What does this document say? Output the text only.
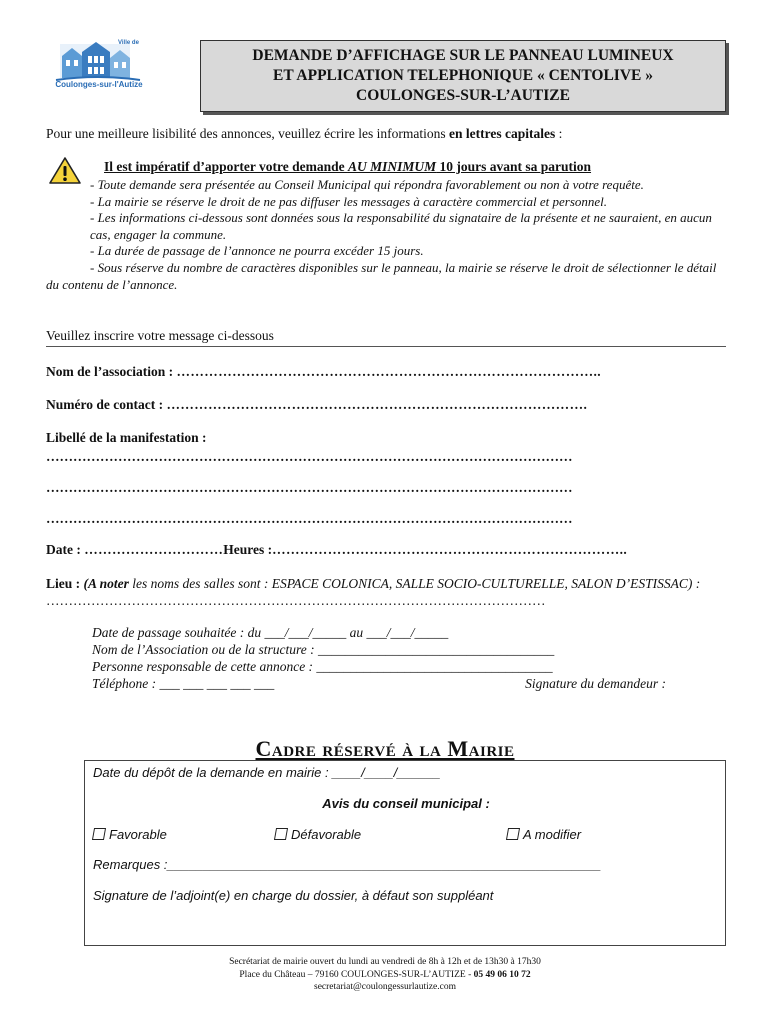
Ville de
Coulonges-sur-l'Autize
DEMANDE D’AFFICHAGE SUR LE PANNEAU LUMINEUX
ET APPLICATION TELEPHONIQUE « CENTOLIVE »
COULONGES-SUR-L’AUTIZE
Pour une meilleure lisibilité des annonces, veuillez écrire les informations en lettres capitales :
Il est impératif d’apporter votre demande AU MINIMUM 10 jours avant sa parution

- Toute demande sera présentée au Conseil Municipal qui répondra favorablement ou non à votre requête.

- La mairie se réserve le droit de ne pas diffuser les messages à caractère commercial et personnel.

- Les informations ci-dessous sont données sous la responsabilité du signataire de la présente et ne sauraient, en aucun cas, engager la commune.

- La durée de passage de l’annonce ne pourra excéder 15 jours.

- Sous réserve du nombre de caractères disponibles sur le panneau, la mairie se réserve le droit de sélectionner le détail du contenu de l’annonce.

Veuillez inscrire votre message ci-dessous
Nom de l’association : ………………………………………………………………………………..
Numéro de contact : ……………………………………………………………………………….
Libellé de la manifestation :
………………………………………………………………………………………………………
………………………………………………………………………………………………………
………………………………………………………………………………………………………
Date : …………………………Heures :…………………………………………………………………..
Lieu : (A noter les noms des salles sont : ESPACE COLONICA, SALLE SOCIO-CULTURELLE, SALON D’ESTISSAC) : …………………………………………………………………………………………………
Date de passage souhaitée : du ___/___/_____ au ___/___/_____
Nom de l’Association ou de la structure : ___________________________________
Personne responsable de cette annonce : ___________________________________
Téléphone : ___ ___ ___ ___ ___	Signature du demandeur :
Cadre réservé à la Mairie
Date du dépôt de la demande en mairie : ____/____/______
Avis du conseil municipal :
Favorable	Défavorable	A modifier
Remarques :____________________________________________________________
Signature de l’adjoint(e) en charge du dossier, à défaut son suppléant
Secrétariat de mairie ouvert du lundi au vendredi de 8h à 12h et de 13h30 à 17h30
Place du Château – 79160 COULONGES-SUR-L’AUTIZE - 05 49 06 10 72
secretariat@coulongessurlautize.com
